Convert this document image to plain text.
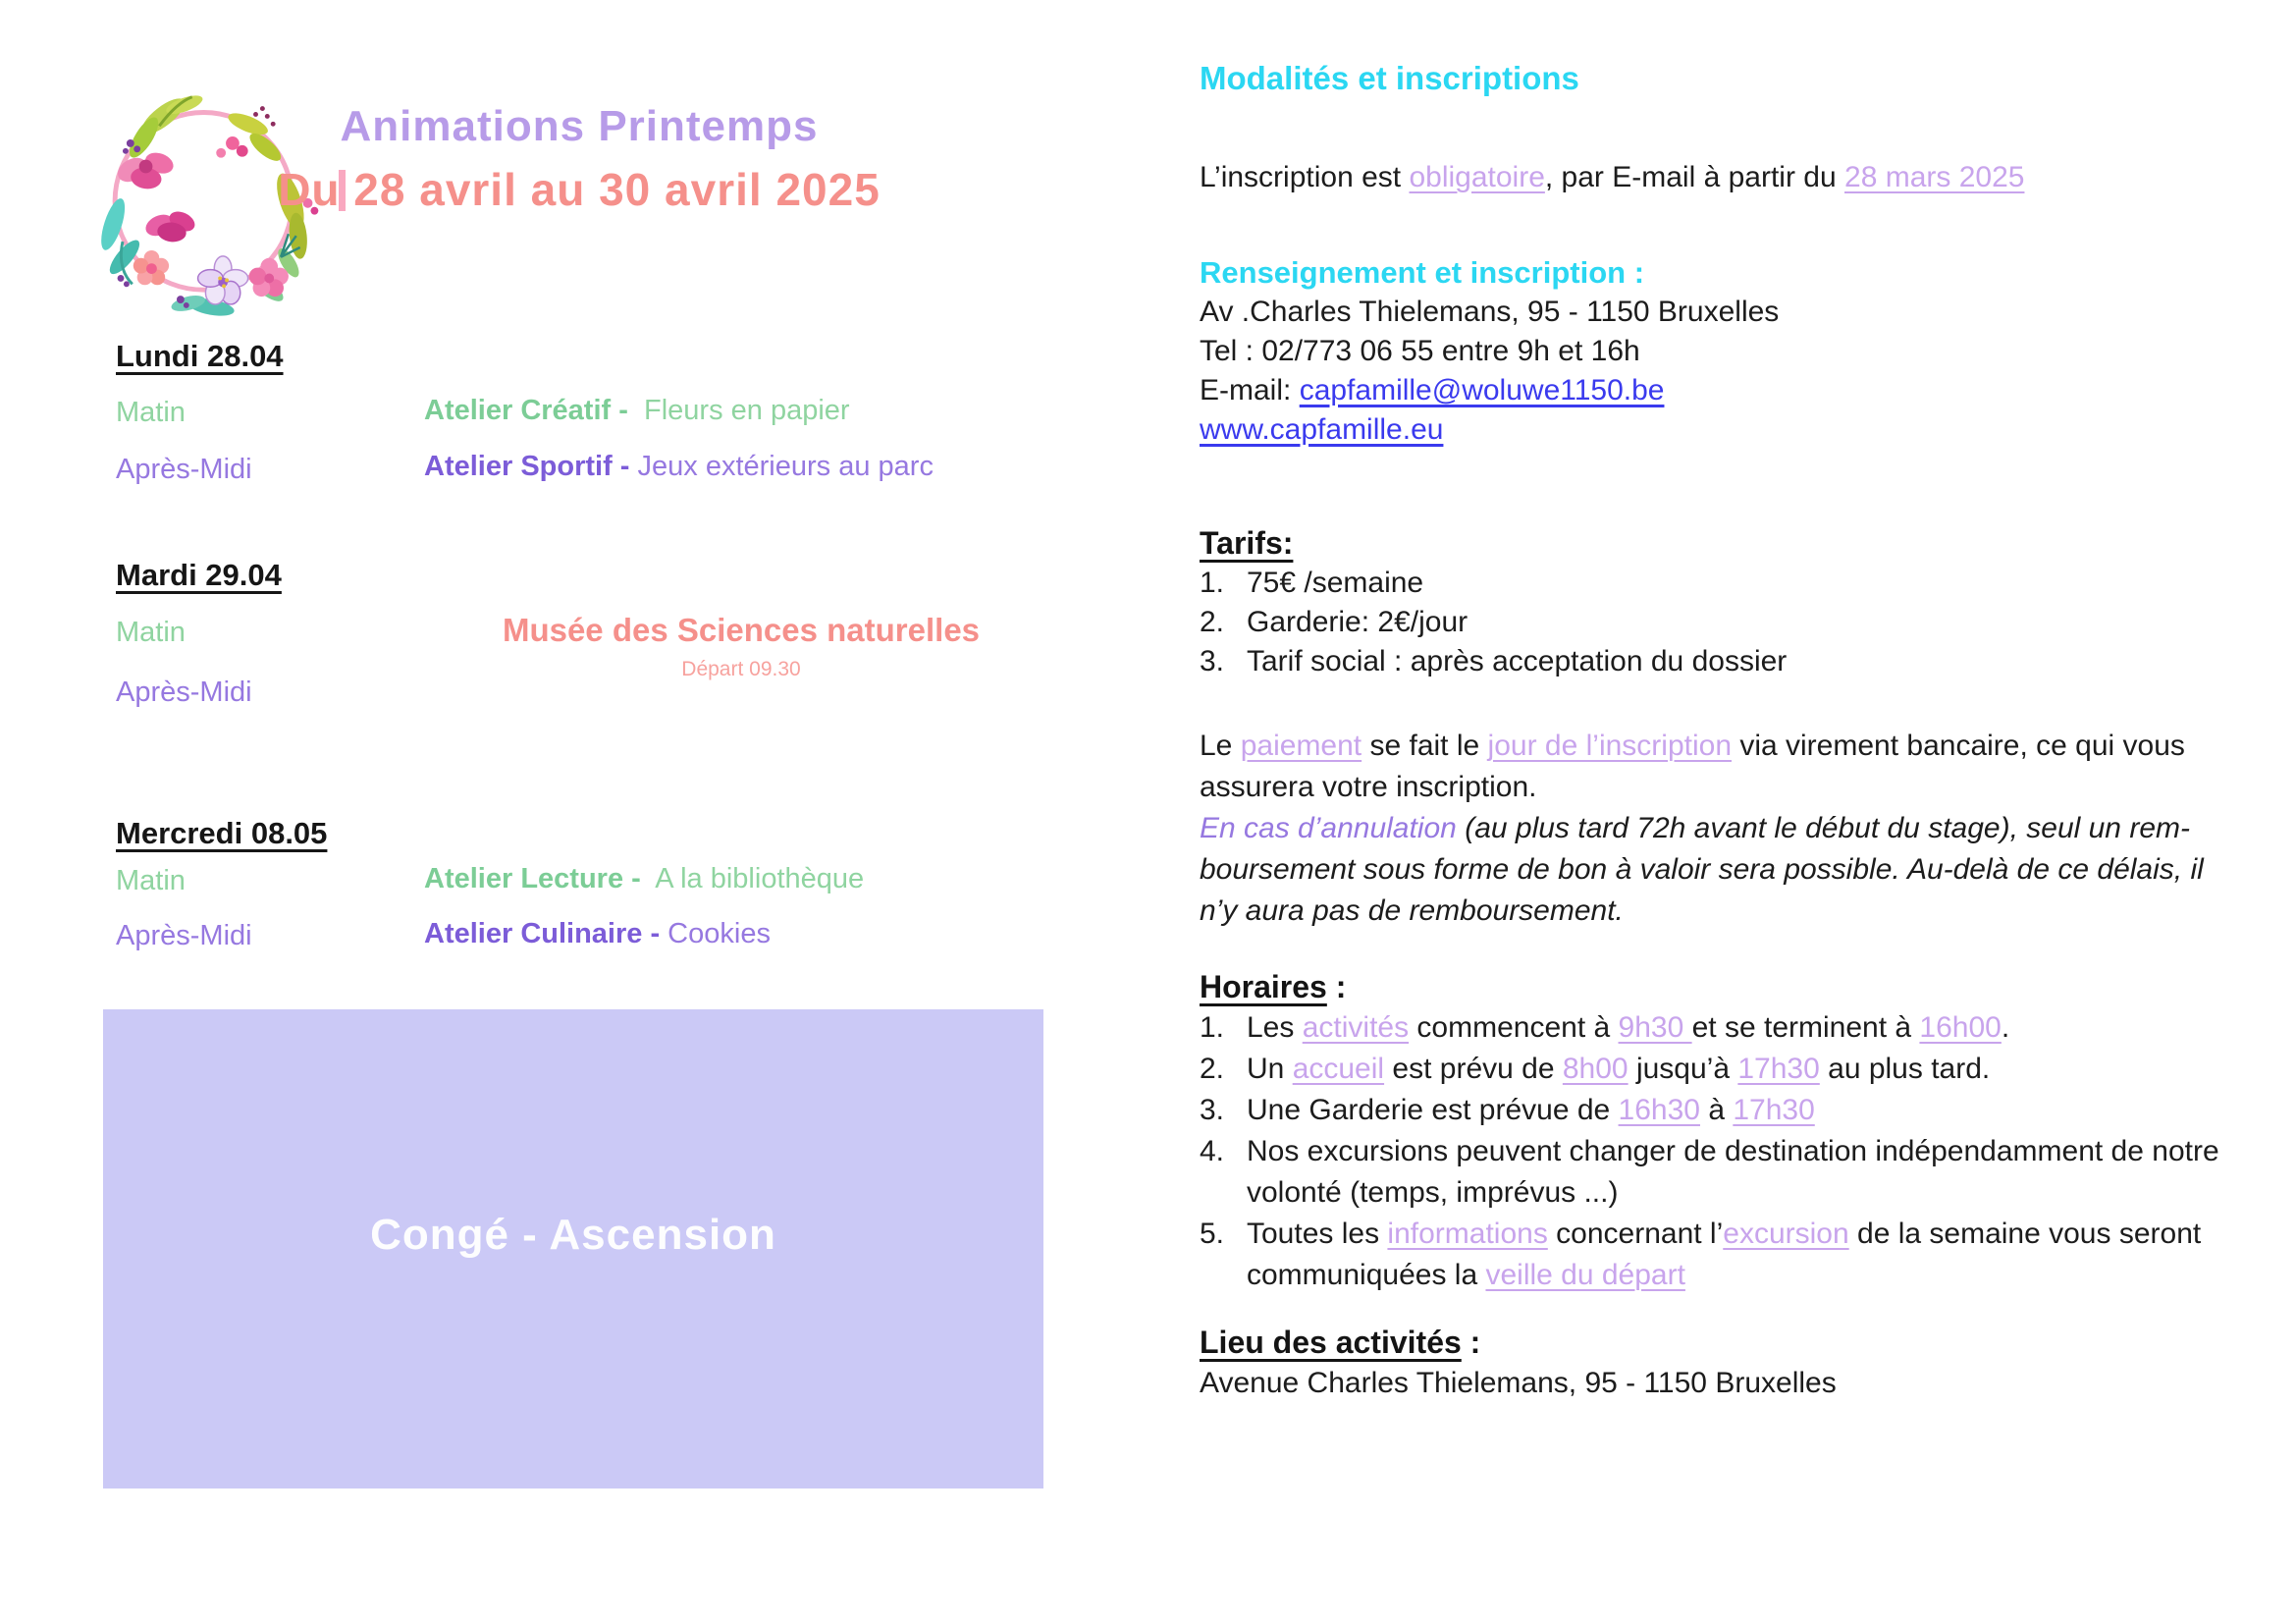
Animations Printemps
Du 28 avril au 30 avril 2025
Lundi 28.04
Matin	Atelier Créatif -  Fleurs en papier
Après-Midi	Atelier Sportif - Jeux extérieurs au parc
Mardi 29.04
Matin	Musée des Sciences naturelles
Départ 09.30
Après-Midi
Mercredi 08.05
Matin	Atelier Lecture -  A la bibliothèque
Après-Midi	Atelier Culinaire - Cookies
Congé - Ascension
Modalités et inscriptions

L’inscription est obligatoire, par E-mail à partir du 28 mars 2025

Renseignement et inscription :
Av .Charles Thielemans, 95 - 1150 Bruxelles
Tel : 02/773 06 55 entre 9h et 16h
E-mail: capfamille@woluwe1150.be
www.capfamille.eu
Tarifs:
1. 75€ /semaine
2. Garderie: 2€/jour
3. Tarif social : après acceptation du dossier

Le paiement se fait le jour de l’inscription via virement bancaire, ce qui vous
assurera votre inscription.

En cas d’annulation (au plus tard 72h avant le début du stage), seul un rem-
boursement sous forme de bon à valoir sera possible. Au-delà de ce délais, il
n’y aura pas de remboursement.

Horaires :
1. Les activités commencent à 9h30 et se terminent à 16h00.
2. Un accueil est prévu de 8h00 jusqu’à 17h30 au plus tard.
3. Une Garderie est prévue de 16h30 à 17h30
4. Nos excursions peuvent changer de destination indépendamment de notre
volonté (temps, imprévus ...)
5. Toutes les informations concernant l’excursion de la semaine vous seront
communiquées la veille du départ
Lieu des activités :
Avenue Charles Thielemans, 95 - 1150 Bruxelles
